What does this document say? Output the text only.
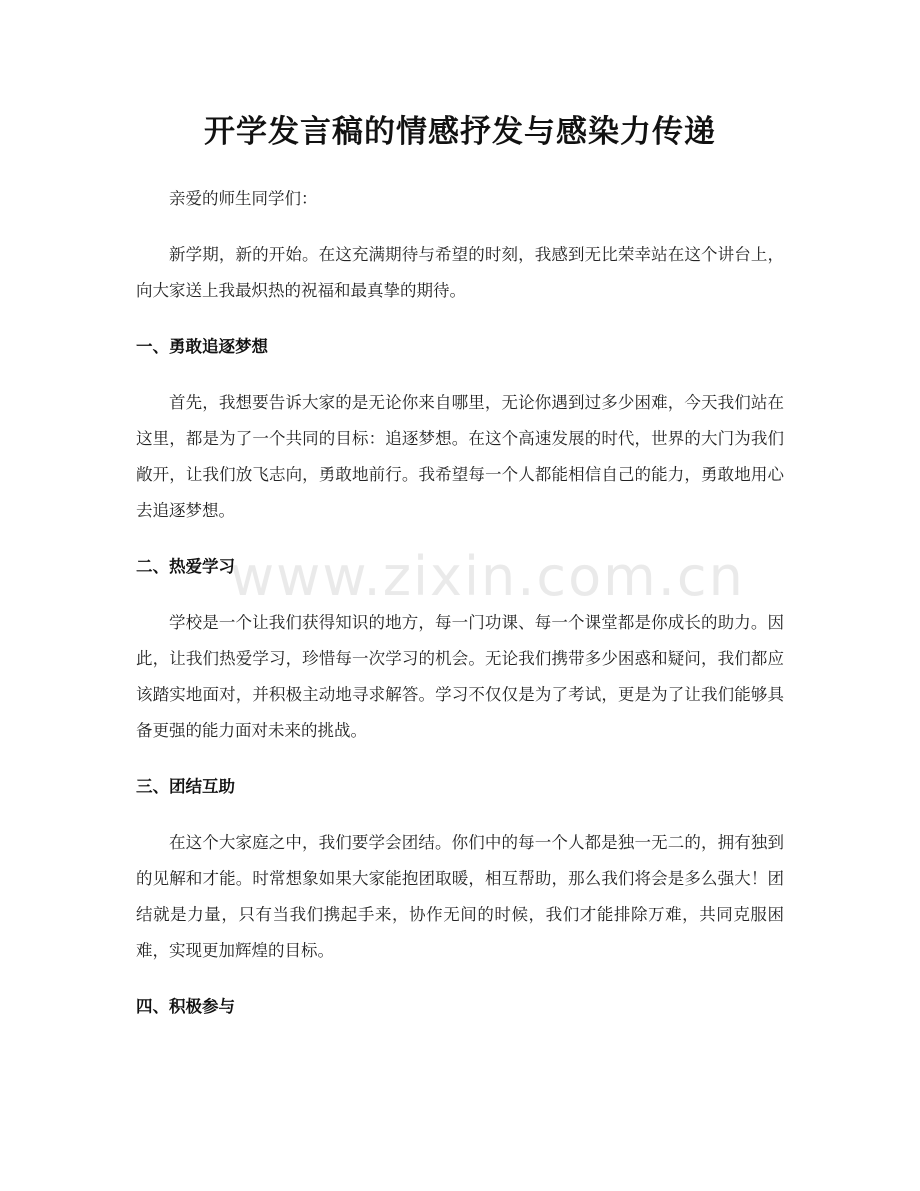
开学发言稿的情感抒发与感染力传递
www.zixin.com.cn

亲爱的师生同学们：

新学期，新的开始。在这充满期待与希望的时刻，我感到无比荣幸站在这个讲台上，向大家送上我最炽热的祝福和最真挚的期待。

一、勇敢追逐梦想

首先，我想要告诉大家的是无论你来自哪里，无论你遇到过多少困难，今天我们站在这里，都是为了一个共同的目标：追逐梦想。在这个高速发展的时代，世界的大门为我们敞开，让我们放飞志向，勇敢地前行。我希望每一个人都能相信自己的能力，勇敢地用心去追逐梦想。

二、热爱学习

学校是一个让我们获得知识的地方，每一门功课、每一个课堂都是你成长的助力。因此，让我们热爱学习，珍惜每一次学习的机会。无论我们携带多少困惑和疑问，我们都应该踏实地面对，并积极主动地寻求解答。学习不仅仅是为了考试，更是为了让我们能够具备更强的能力面对未来的挑战。

三、团结互助

在这个大家庭之中，我们要学会团结。你们中的每一个人都是独一无二的，拥有独到的见解和才能。时常想象如果大家能抱团取暖，相互帮助，那么我们将会是多么强大！团结就是力量，只有当我们携起手来，协作无间的时候，我们才能排除万难，共同克服困难，实现更加辉煌的目标。

四、积极参与
